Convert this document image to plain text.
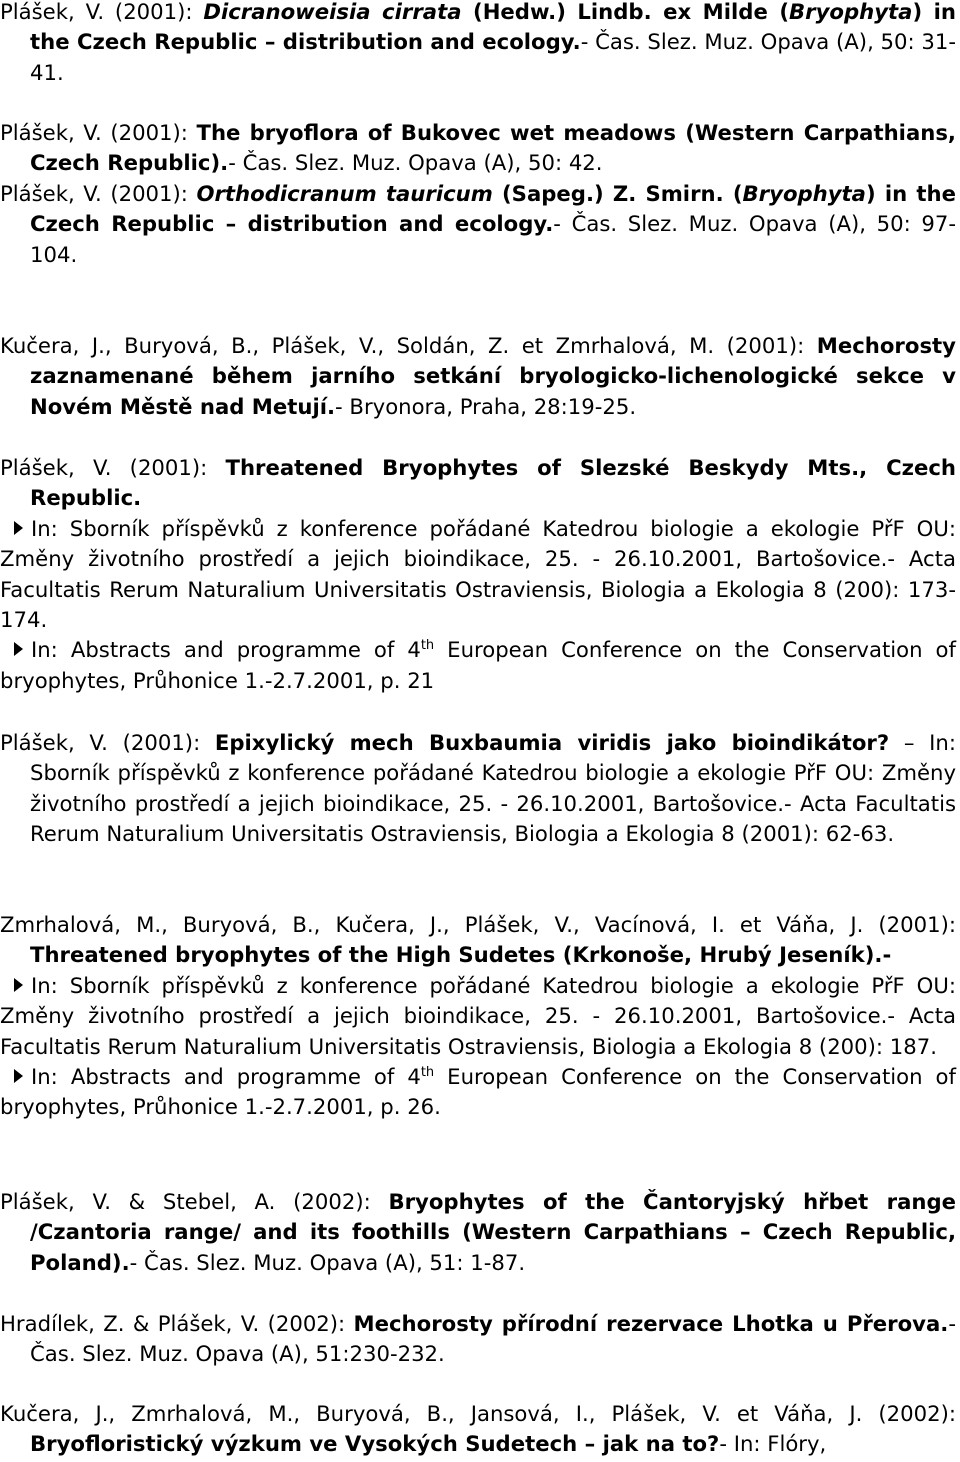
Plášek, V. (2001): Dicranoweisia cirrata (Hedw.) Lindb. ex Milde (Bryophyta) in the Czech Republic – distribution and ecology.- Čas. Slez. Muz. Opava (A), 50: 31-41.

Plášek, V. (2001): The bryoflora of Bukovec wet meadows (Western Carpathians, Czech Republic).- Čas. Slez. Muz. Opava (A), 50: 42.

Plášek, V. (2001): Orthodicranum tauricum (Sapeg.) Z. Smirn. (Bryophyta) in the Czech Republic – distribution and ecology.- Čas. Slez. Muz. Opava (A), 50: 97-104.

Kučera, J., Buryová, B., Plášek, V., Soldán, Z. et Zmrhalová, M. (2001): Mechorosty zaznamenané během jarního setkání bryologicko-lichenologické sekce v Novém Městě nad Metují.- Bryonora, Praha, 28:19-25.

Plášek, V. (2001): Threatened Bryophytes of Slezské Beskydy Mts., Czech Republic.
In: Sborník příspěvků z konference pořádané Katedrou biologie a ekologie PřF OU: Změny životního prostředí a jejich bioindikace, 25. - 26.10.2001, Bartošovice.- Acta Facultatis Rerum Naturalium Universitatis Ostraviensis, Biologia a Ekologia 8 (200): 173-174.
In: Abstracts and programme of 4th European Conference on the Conservation of bryophytes, Průhonice 1.-2.7.2001, p. 21

Plášek, V. (2001): Epixylický mech Buxbaumia viridis jako bioindikátor? – In: Sborník příspěvků z konference pořádané Katedrou biologie a ekologie PřF OU: Změny životního prostředí a jejich bioindikace, 25. - 26.10.2001, Bartošovice.- Acta Facultatis Rerum Naturalium Universitatis Ostraviensis, Biologia a Ekologia 8 (2001): 62-63.

Zmrhalová, M., Buryová, B., Kučera, J., Plášek, V., Vacínová, I. et Váňa, J. (2001): Threatened bryophytes of the High Sudetes (Krkonoše, Hrubý Jeseník).-
In: Sborník příspěvků z konference pořádané Katedrou biologie a ekologie PřF OU: Změny životního prostředí a jejich bioindikace, 25. - 26.10.2001, Bartošovice.- Acta Facultatis Rerum Naturalium Universitatis Ostraviensis, Biologia a Ekologia 8 (200): 187.
In: Abstracts and programme of 4th European Conference on the Conservation of bryophytes, Průhonice 1.-2.7.2001, p. 26.

Plášek, V. & Stebel, A. (2002): Bryophytes of the Čantoryjský hřbet range /Czantoria range/ and its foothills (Western Carpathians – Czech Republic, Poland).- Čas. Slez. Muz. Opava (A), 51: 1-87.

Hradílek, Z. & Plášek, V. (2002): Mechorosty přírodní rezervace Lhotka u Přerova.- Čas. Slez. Muz. Opava (A), 51:230-232.

Kučera, J., Zmrhalová, M., Buryová, B., Jansová, I., Plášek, V. et Váňa, J. (2002): Bryofloristický výzkum ve Vysokých Sudetech – jak na to?- In: Flóry,
